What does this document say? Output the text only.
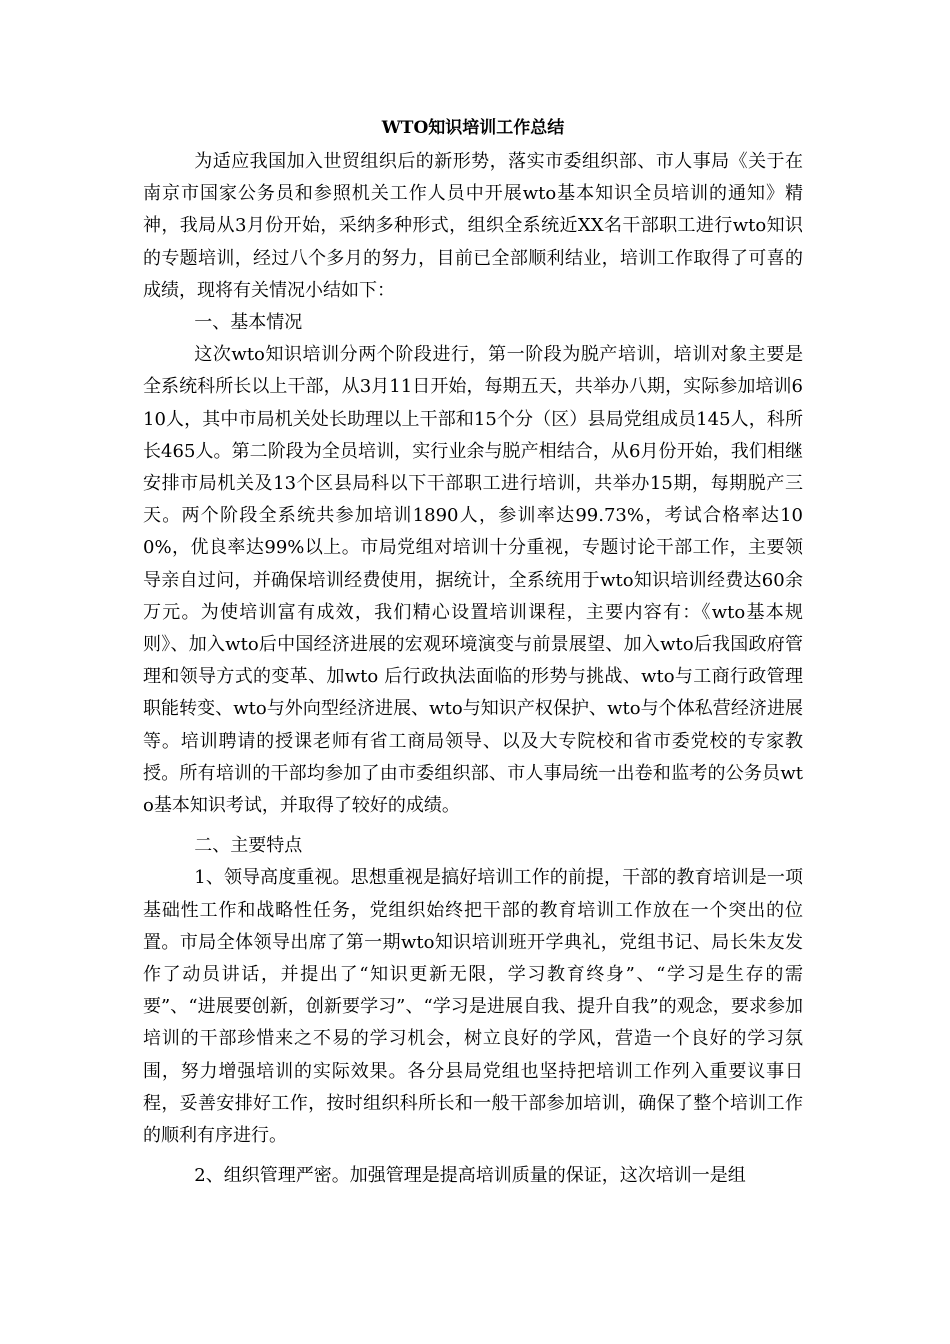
WTO知识培训工作总结

为适应我国加入世贸组织后的新形势，落实市委组织部、市人事局《关于在南京市国家公务员和参照机关工作人员中开展wto基本知识全员培训的通知》精神，我局从3月份开始，采纳多种形式，组织全系统近XX名干部职工进行wto知识的专题培训，经过八个多月的努力，目前已全部顺利结业，培训工作取得了可喜的成绩，现将有关情况小结如下：

一、基本情况

这次wto知识培训分两个阶段进行，第一阶段为脱产培训，培训对象主要是全系统科所长以上干部，从3月11日开始，每期五天，共举办八期，实际参加培训610人，其中市局机关处长助理以上干部和15个分（区）县局党组成员145人，科所长465人。第二阶段为全员培训，实行业余与脱产相结合，从6月份开始，我们相继安排市局机关及13个区县局科以下干部职工进行培训，共举办15期，每期脱产三天。两个阶段全系统共参加培训1890人，参训率达99.73%，考试合格率达100%，优良率达99%以上。市局党组对培训十分重视，专题讨论干部工作，主要领导亲自过问，并确保培训经费使用，据统计，全系统用于wto知识培训经费达60余万元。为使培训富有成效，我们精心设置培训课程，主要内容有：《wto基本规则》、加入wto后中国经济进展的宏观环境演变与前景展望、加入wto后我国政府管理和领导方式的变革、加wto 后行政执法面临的形势与挑战、wto与工商行政管理职能转变、wto与外向型经济进展、wto与知识产权保护、wto与个体私营经济进展等。培训聘请的授课老师有省工商局领导、以及大专院校和省市委党校的专家教授。所有培训的干部均参加了由市委组织部、市人事局统一出卷和监考的公务员wto基本知识考试，并取得了较好的成绩。

二、主要特点

1、领导高度重视。思想重视是搞好培训工作的前提，干部的教育培训是一项基础性工作和战略性任务，党组织始终把干部的教育培训工作放在一个突出的位置。市局全体领导出席了第一期wto知识培训班开学典礼，党组书记、局长朱友发作了动员讲话，并提出了“知识更新无限，学习教育终身”、“学习是生存的需要”、“进展要创新，创新要学习”、“学习是进展自我、提升自我”的观念，要求参加培训的干部珍惜来之不易的学习机会，树立良好的学风，营造一个良好的学习氛围，努力增强培训的实际效果。各分县局党组也坚持把培训工作列入重要议事日程，妥善安排好工作，按时组织科所长和一般干部参加培训，确保了整个培训工作的顺利有序进行。

2、组织管理严密。加强管理是提高培训质量的保证，这次培训一是组
